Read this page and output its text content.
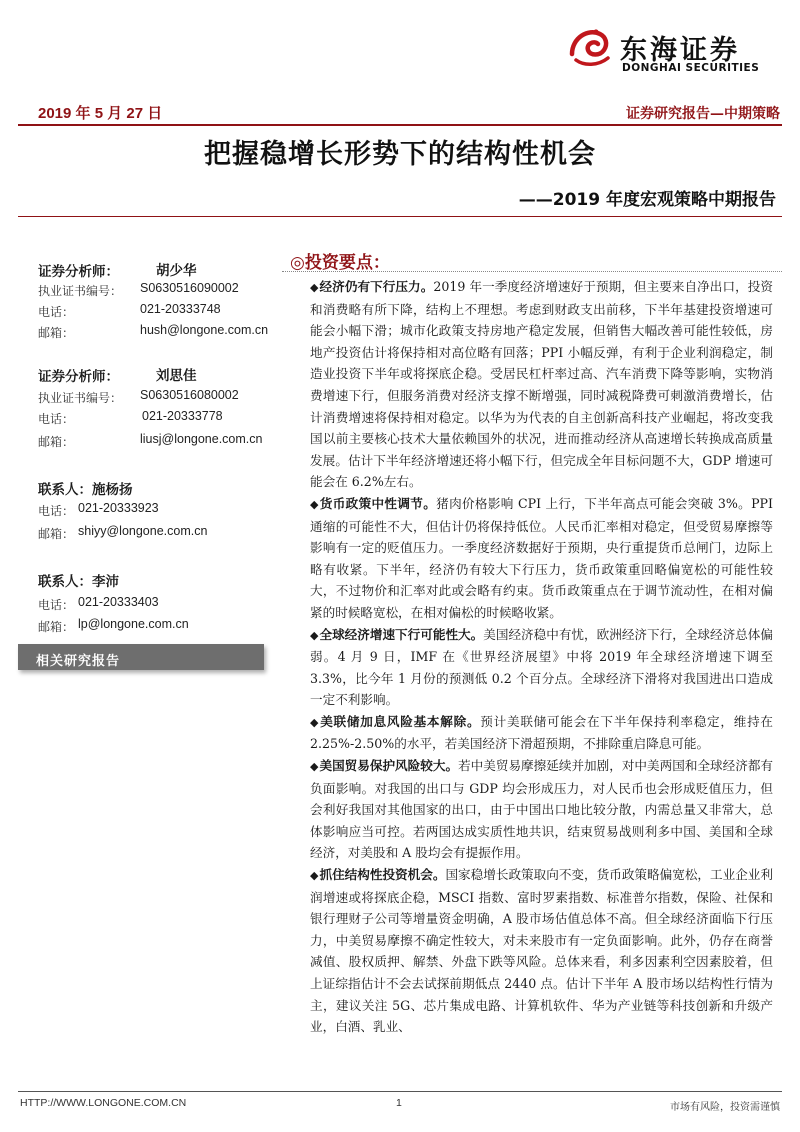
东海证券
DONGHAI SECURITIES
2019 年 5 月 27 日	证券研究报告—中期策略
把握稳增长形势下的结构性机会
——2019 年度宏观策略中期报告
证券分析师：	胡少华
执业证书编号： S0630516090002
电话：	021-20333748
邮箱：	hush@longone.com.cn
证券分析师：	刘思佳
执业证书编号： S0630516080002
电话：	021-20333778
邮箱：	liusj@longone.com.cn
联系人：施杨扬
电话： 021-20333923
邮箱： shiyy@longone.com.cn
联系人：李沛
电话： 021-20333403
邮箱： lp@longone.com.cn
相关研究报告
◎投资要点：

◆经济仍有下行压力。2019 年一季度经济增速好于预期，但主要来自净出口，投资和消费略有所下降，结构上不理想。考虑到财政支出前移，下半年基建投资增速可能会小幅下滑；城市化政策支持房地产稳定发展，但销售大幅改善可能性较低，房地产投资估计将保持相对高位略有回落；PPI 小幅反弹，有利于企业利润稳定，制造业投资下半年或将探底企稳。受居民杠杆率过高、汽车消费下降等影响，实物消费增速下行，但服务消费对经济支撑不断增强，同时减税降费可刺激消费增长，估计消费增速将保持相对稳定。以华为为代表的自主创新高科技产业崛起，将改变我国以前主要核心技术大量依赖国外的状况，进而推动经济从高速增长转换成高质量发展。估计下半年经济增速还将小幅下行，但完成全年目标问题不大，GDP 增速可能会在 6.2%左右。

◆货币政策中性调节。猪肉价格影响 CPI 上行，下半年高点可能会突破 3%。PPI 通缩的可能性不大，但估计仍将保持低位。人民币汇率相对稳定，但受贸易摩擦等影响有一定的贬值压力。一季度经济数据好于预期，央行重提货币总闸门，边际上略有收紧。下半年，经济仍有较大下行压力，货币政策重回略偏宽松的可能性较大，不过物价和汇率对此或会略有约束。货币政策重点在于调节流动性，在相对偏紧的时候略宽松，在相对偏松的时候略收紧。

◆全球经济增速下行可能性大。美国经济稳中有忧，欧洲经济下行，全球经济总体偏弱。4 月 9 日，IMF 在《世界经济展望》中将 2019 年全球经济增速下调至 3.3%，比今年 1 月份的预测低 0.2 个百分点。全球经济下滑将对我国进出口造成一定不利影响。

◆美联储加息风险基本解除。预计美联储可能会在下半年保持利率稳定，维持在 2.25%-2.50%的水平，若美国经济下滑超预期，不排除重启降息可能。

◆美国贸易保护风险较大。若中美贸易摩擦延续并加剧，对中美两国和全球经济都有负面影响。对我国的出口与 GDP 均会形成压力，对人民币也会形成贬值压力，但会利好我国对其他国家的出口，由于中国出口地比较分散，内需总量又非常大，总体影响应当可控。若两国达成实质性地共识，结束贸易战则利多中国、美国和全球经济，对美股和 A 股均会有提振作用。

◆抓住结构性投资机会。国家稳增长政策取向不变，货币政策略偏宽松，工业企业利润增速或将探底企稳，MSCI 指数、富时罗素指数、标准普尔指数，保险、社保和银行理财子公司等增量资金明确，A 股市场估值总体不高。但全球经济面临下行压力，中美贸易摩擦不确定性较大，对未来股市有一定负面影响。此外，仍存在商誉减值、股权质押、解禁、外盘下跌等风险。总体来看，利多因素利空因素胶着，但上证综指估计不会去试探前期低点 2440 点。估计下半年 A 股市场以结构性行情为主，建议关注 5G、芯片集成电路、计算机软件、华为产业链等科技创新和升级产业，白酒、乳业、

HTTP://WWW.LONGONE.COM.CN	1	市场有风险，投资需谨慎
